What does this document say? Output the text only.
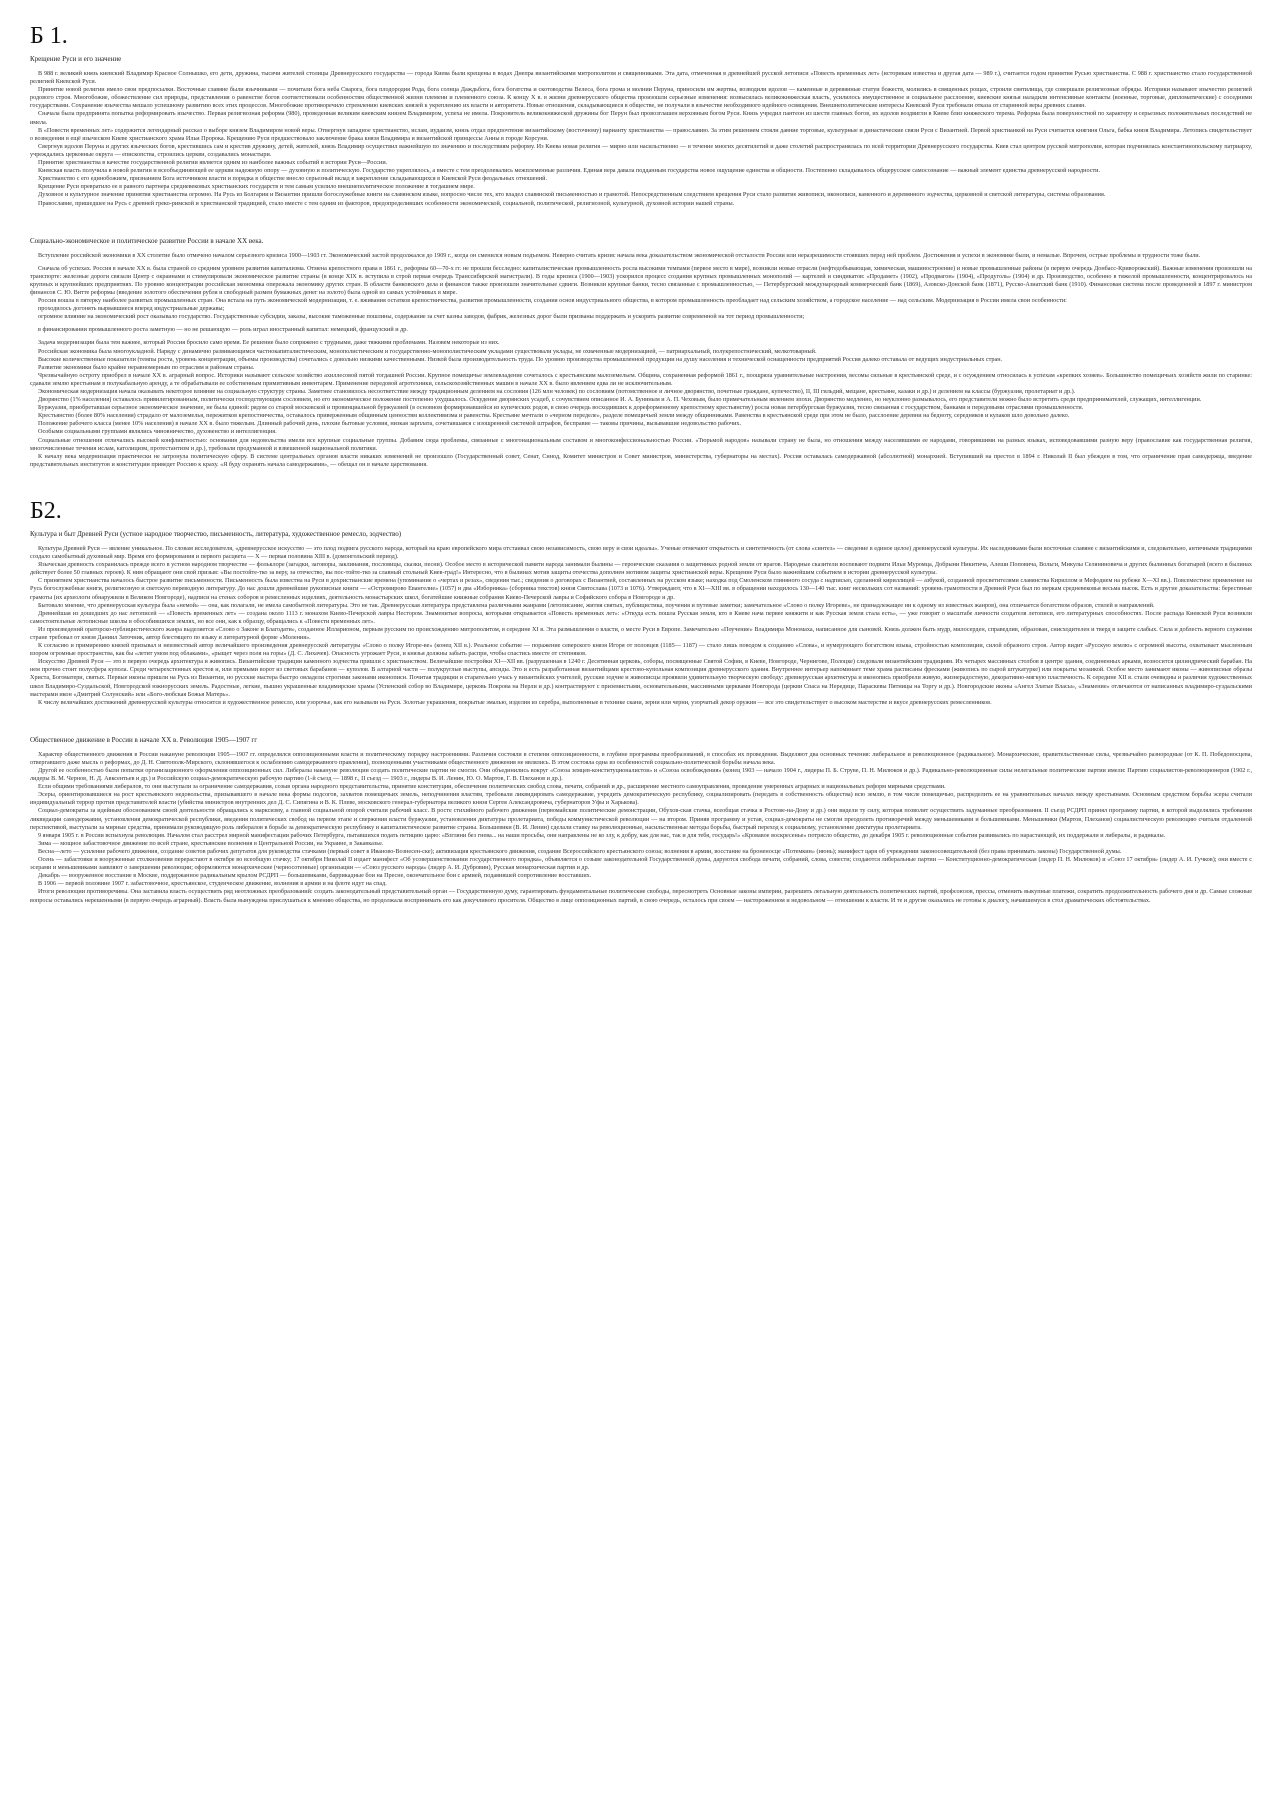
Б 1.
Крещение Руси и его значение

В 988 г. великий князь киевский Владимир Красное Солнышко, его дети, дружина, тысячи жителей столицы Древнерусского государства — города Киева были крещены в водах Днепра византийскими митрополитом и священниками. Эта дата, отмеченная в древнейшей русской летописи «Повесть временных лет» (историкам известна и другая дата — 989 г.), считается годом принятия Русью христианства. С 988 г. христианство стало государственной религией Киевской Руси.

Принятие новой религии имело свои предпосылки. Восточные славяне были язычниками — почитали бога неба Сварога, бога плодородия Рода, бога солнца Даждьбога, бога богатства и скотоводства Велеса, бога грома и молнии Перуна, приносили им жертвы, возводили идолов — каменные и деревянные статуи божеств, молились в священных рощах, строили святилища, где совершали религиозные обряды. Историки называют язычество религией родового строя. Многобожие, обожествление сил природы, представления о равенстве богов соответствовали особенностям общественной жизни племени и племенного союза. К концу X в. в жизни древнерусского общества произошли серьезные изменения: возвысилась великокняжеская власть, усилилось имущественное и социальное расслоение, киевские князья наладили интенсивные контакты (военные, торговые, дипломатические) с соседними государствами. Сохранение язычества мешало успешному развитию всех этих процессов. Многобожие противоречило стремлению киевских князей к укреплению их власти и авторитета. Новые отношения, складывающиеся в обществе, не получали в язычестве необходимого идейного освящения. Внешнеполитические интересы Киевской Руси требовали отказа от старинной веры древних славян.

Сначала была предпринята попытка реформировать язычество. Первая религиозная реформа (980), проведенная великим киевским князем Владимиром, успеха не имела. Покровитель великокняжеской дружины бог Перун был провозглашен верховным богом Руси. Князь учредил пантеон из шести главных богов, их идолов воздвигли в Киеве близ княжеского терема. Реформа была поверхностной по характеру и серьезных положительных последствий не имела.

В «Повести временных лет» содержится легендарный рассказ о выборе князем Владимиром новой веры. Отвергнув западное христианство, ислам, иудаизм, князь отдал предпочтение византийскому (восточному) варианту христианства — православию. За этим решением стояли давние торговые, культурные и династические связи Руси с Византией. Первой христианкой на Руси считается княгиня Ольга, бабка князя Владимира. Летопись свидетельствует о возведении в ещё языческом Киеве христианского храма Ильи Пророка. Крещению Руси предшествовало заключение брака князя Владимира и византийской принцессы Анны в городе Корсуни.

Свергнув идолов Перуна и других языческих богов, крестившись сам и крестив дружину, детей, жителей, князь Владимир осуществил важнейшую по значению и последствиям реформу. Из Киева новая религия — мирно или насильственно — в течение многих десятилетий и даже столетий распространялась по всей территории Древнерусского государства. Киев стал центром русской митрополии, которая подчинялась константинопольскому патриарху, учреждались церковные округа — епископства, строились церкви, создавались монастыри.

Принятие христианства в качестве государственной религии является одним из наиболее важных событий в истории Руси—России.

Киевская власть получила в новой религии и всеобъединяющей ее церкви надежную опору — духовную и политическую. Государство укреплялось, а вместе с тем преодолевались межплеменные различия. Единая вера давала подданным государства новое ощущение единства и общности. Постепенно складывалось общерусское самосознание — важный элемент единства древнерусской народности.

Христианство с его единобожием, признанием Бога источником власти и порядка в обществе внесло серьезный вклад в закрепление складывающихся в Киевской Руси феодальных отношений.

Крещение Руси превратило ее в равного партнера средневековых христианских государств и тем самым усилило внешнеполитическое положение в тогдашнем мире.

Духовное и культурное значение принятия христианства огромно. На Русь из Болгарии и Византии пришли богослужебные книги на славянском языке, вопросно числе тех, кто владел славянской письменностью и грамотой. Непосредственным следствием крещения Руси стало развитие живописи, иконописи, каменного и деревянного зодчества, церковной и светской литературы, системы образования.

Православие, пришедшее на Русь с древней греко-римской и христианской традицией, стало вместе с тем одним из факторов, предопределивших особенности экономической, социальной, политической, религиозной, культурной, духовной истории нашей страны.

Социально-экономическое и политическое развитие России в начале XX века.

Вступление российской экономики в XX столетие было отмечено началом серьезного кризиса 1900—1903 гг. Экономический застой продолжался до 1909 г., когда он сменился новым подъемом. Неверно считать кризис начала века доказательством экономической отсталости России или неразрешимости стоявших перед ней проблем. Достижения и успехи в экономике были, и немалые. Впрочем, острые проблемы и трудности тоже были.

Сначала об успехах. Россия в начале XX в. была страной со средним уровнем развития капитализма. Отмена крепостного права в 1861 г., реформы 60—70-х гг. не прошли бесследно: капиталистическая промышленность росла высокими темпами (первое место в мире), возникли новые отрасли (нефтедобывающая, химическая, машиностроение) и новые промышленные районы (в первую очередь Донбасс-Криворожский). Важные изменения произошли на транспорте: железные дороги связали Центр с окраинами и стимулировали экономическое развитие страны (в конце XIX в. вступила в строй первая очередь Транссибирской магистрали). В годы кризиса (1900—1903) ускорился процесс создания крупных промышленных монополий — картелей и синдикатов: «Продамет» (1902), «Продвагон» (1904), «Продуголь» (1904) и др. Производство, особенно в тяжелой промышленности, концентрировалось на крупных и крупнейших предприятиях. По уровню концентрации российская экономика опережала экономику других стран. В области банковского дела и финансов также произошли значительные сдвиги. Возникли крупные банки, тесно связанные с промышленностью, — Петербургский международный коммерческий банк (1869), Азовско-Донской банк (1871), Русско-Азиатский банк (1910). Финансовая система после проведенной в 1897 г. министром финансов С. Ю. Витте реформы (введение золотого обеспечения рубля и свободный размен бумажных денег на золото) была одной из самых устойчивых в мире.

Россия вошла в пятерку наиболее развитых промышленных стран. Она встала на путь экономической модернизации, т. е. вживания остатков крепостничества, развития промышленности, создания основ индустриального общества, в котором промышленность преобладает над сельским хозяйством, а городское население — над сельским. Модернизация в России имела свои особенности:

проходилось догонять вырвавшиеся вперед индустриальные державы;

огромное влияние на экономический рост оказывало государство. Государственные субсидии, заказы, высокие таможенные пошлины, содержание за счет казны заводов, фабрик, железных дорог были призваны поддержать и ускорить развитие современной на тот период промышленности;

в финансировании промышленного роста заметную — но не решающую — роль играл иностранный капитал: немецкий, французский и др.

Задача модернизации была тем важнее, который Россия бросило само время. Ее решение было сопряжено с трудными, даже тяжкими проблемами. Назовем некоторые из них.

Российская экономика была многоукладной. Наряду с динамично развивающимся частнокапиталистическим, монополистическим и государственно-монополистическим укладами существовали уклады, не охваченные модернизацией, — патриархальный, полукрепостнический, мелкотоварный.

Высокие количественные показатели (темпы роста, уровень концентрации, объемы производства) сочетались с довольно низкими качественными. Низкой была производительность труда. По уровню производства промышленной продукции на душу населения и технической оснащенности предприятий Россия далеко отставала от ведущих индустриальных стран.

Развитие экономики было крайне неравномерным по отраслям и районам страны.

Чрезвычайную остроту приобрел в начале XX в. аграрный вопрос. Историки называют сельское хозяйство ахиллесовой пятой тогдашней России. Крупное помещичье землевладение сочеталось с крестьянским малоземельем. Община, сохраненная реформой 1861 г., поощряла уравнительные настроения, весомы сильные в крестьянской среде, и с осуждением относилась к успехам «крепких хозяев». Большинство помещичьих хозяйств жили по старинке: сдавали землю крестьянам в полукабальную аренду, а те обрабатывали ее собственным примитивным инвентарем. Применение передовой агротехники, сельскохозяйственных машин в начале XX в. было явлением едва ли не исключительным.

Экономическая модернизация начала оказывать некоторое влияние на социальную структуру страны. Заметнее становилось несоответствие между традиционным делением на сословия (126 млн человек) по сословиям (потомственное и личное дворянство, почетные граждане, купечество), II, III гильдий, мещане, крестьяне, казаки и др.) и делением на классы (буржуазия, пролетариат и др.).

Дворянство (1% населения) оставалось привилегированным, политически господствующим сословием, но его экономическое положение постепенно ухудшалось. Оскудение дворянских усадеб, с сочувствием описанное И. А. Буниным и А. П. Чеховым, было примечательным явлением эпохи. Дворянство медленно, но неуклонно размывалось, его представители можно было встретить среди предпринимателей, служащих, интеллигенции.

Буржуазия, приобретавшая серьезное экономическое значение, не была единой: рядом со старой московской и провинциальной буржуазией (в основном формировавшейся из купеческих родов, в свою очередь восходивших к дореформенному крепостному крестьянству) росла новая петербургская буржуазия, тесно связанная с государством, банками и передовыми отраслями промышленности.

Крестьянство (более 80% населения) страдало от малоземелья, пережитков крепостничества, оставалось приверженным общинным ценностям коллективизма и равенства. Крестьяне мечтали о «черном переделе», разделе помещичьей земли между общинниками. Равенства в крестьянской среде при этом не было, расслоение деревни на бедноту, середняков и кулаков шло довольно далеко.

Положение рабочего класса (менее 10% населения) в начале XX в. было тяжелым. Длинный рабочий день, плохие бытовые условия, низкая зарплата, сочетавшаяся с изощренной системой штрафов, бесправие — таковы причины, вызывавшие недовольство рабочих.

Особыми социальными группами являлись чиновничество, духовенство и интеллигенция.

Социальные отношения отличались высокой конфликтностью: основания для недовольства имели все крупные социальные группы. Добавим сюда проблемы, связанные с многонациональным составом и многоконфессиональностью России. «Тюрьмой народов» называли страну не была, но отношения между населявшими ее народами, говорившими на разных языках, исповедовавшими разную веру (православие как государственная религия, многочисленные течения ислам, католицизм, протестантизм и др.), требовали продуманной и взвешенной национальной политики.

К началу века модернизация практически не затронула политическую сферу. В системе центральных органов власти никаких изменений не произошло (Государственный совет, Сенат, Синод, Комитет министров и Совет министров, министерства, губернаторы на местах). Россия оставалась самодержавной (абсолютной) монархией. Вступивший на престол в 1894 г. Николай II был убежден в том, что ограничение прав самодержца, введение представительных институтов и конституции приведет Россию к краху. «Я буду охранять начала самодержавия», — обещал он в начале царствования.

Б2.
Культура и быт Древней Руси (устное народное творчество, письменность, литература, художественное ремесло, зодчество)

Культура Древней Руси — явление уникальное. По словам исследователя, «древнерусское искусство — это плод подвига русского народа, который на краю европейского мира отстаивал свою независимость, свою веру и свои идеалы». Ученые отмечают открытость и синтетичность (от слова «синтез» — сведение в единое целое) древнерусской культуры. Их наследниками были восточные славяне с византийскими и, следовательно, античными традициями создало самобытный духовный мир. Время его формирования и первого расцвета — X — первая половина XIII в. (домонгольский период).

Языческая древность сохранилась прежде всего в устном народном творчестве — фольклоре (загадки, заговоры, заклинания, пословицы, сказки, песни). Особое место в исторической памяти народа занимали былины — героические сказания о защитниках родной земли от врагов. Народные сказители воспевают подвиги Ильи Муромца, Добрыни Никитича, Алеши Поповича, Вольги, Микулы Селяниновича и других былинных богатырей (всего в былинах действует более 50 главных героев). К ним обращают они свой призыв: «Вы постойте-тко за веру, за отечество, вы пос-тойте-тко за славный стольный Киев-град!» Интересно, что в былинах мотив защиты отечества дополнен мотивом защиты христианской веры. Крещение Руси было важнейшим событием в истории древнерусской культуры.

С принятием христианства началось быстрое развитие письменности. Письменность была известна на Руси в дохристианские времена (упоминание о «чертах и резах», сведения тыс.; сведения о договорах с Византией, составленных на русском языке; находка под Смоленском глиняного сосуда с надписью, сделанной кириллицей — азбукой, созданной просветителями славянства Кириллом и Мефодием на рубеже X—XI вв.). Повсеместное применение на Русь богослужебные книги, религиозную и светскую переводную литературу. До нас дошли древнейшие рукописные книги — «Остромирово Евангелие» (1057) и два «Изборника» (сборника текстов) князя Святослава (1073 и 1076). Утверждают, что в XI—XIII вв. в обращении находилось 130—140 тыс. книг нескольких сот названий: уровень грамотности в Древней Руси был по меркам средневековья весьма высок. Есть и другие доказательства: берестяные грамоты (их археологи обнаружили в Великом Новгороде), надписи на стенах соборов и ремесленных изделиях, деятельность монастырских школ, богатейшие книжные собрания Киево-Печерской лавры и Софийского собора в Новгороде и др.

Бытовало мнение, что древнерусская культура была «немой» — она, как полагали, не имела самобытной литературы. Это не так. Древнерусская литература представлена различными жанрами (летописание, жития святых, публицистика, поучения и путевые заметки; замечательное «Слово о полку Игореве», не принадлежащее ни к одному из известных жанров), она отличается богатством образов, стилей и направлений.

Древнейшая из дошедших до нас летописей — «Повесть временных лет» — создана около 1113 г. монахом Киево-Печерской лавры Нестором. Знаменитые вопросы, которыми открывается «Повесть временных лет»: «Откуда есть пошла Русская земля, кто в Киеве нача первее княжити и как Русская земля стала есть», — уже говорят о масштабе личности создателя летописи, его литературных способностях. После распада Киевской Руси возникли самостоятельные летописные школы в обособившихся землях, но все они, как к образцу, обращались к «Повести временных лет».

Из произведений ораторско-публицистического жанра выделяется «Слово о Законе и Благодати», созданное Илларионом, первым русским по происхождению митрополитом, в середине XI в. Эта размышления о власти, о месте Руси в Европе. Замечательно «Поучение» Владимира Мономаха, написанное для сыновей. Князь должен быть мудр, милосерден, справедлив, образован, снисходителен и тверд в защите слабых. Сила и доблесть верного служения стране требовал от князя Даниил Заточник, автор блестящего по языку и литературной форме «Моления».

К согласию и примирению князей призывал и неизвестный автор величайшего произведения древнерусской литературы «Слово о полку Игоре-ве» (конец XII в.). Реальное событие — поражение северского князя Игоря от половцев (1185— 1187) — стало лишь поводом к созданию «Слова», и нумерующего богатством языка, стройностью композиции, силой образного строя. Автор видит «Русскую землю» с огромной высоты, охватывает мысленным взором огромные пространства, как бы «летит умом под облаками», «рыщет через поля на горы» (Д. С. Лихачев). Опасность угрожает Руси, и князья должны забыть распри, чтобы спастись вместе от степняков.

Искусство Древней Руси — это в первую очередь архитектура и живопись. Византийские традиции каменного зодчества пришли с христианством. Величайшие постройки XI—XII вв. (разрушенная в 1240 г. Десятинная церковь, соборы, посвященные Святой Софии, в Киеве, Новгороде, Чернигове, Полоцке) следовали византийским традициям. Их четырех массивных столбов в центре здания, соединенных арками, возносится цилиндрический барабан. На нем прочно стоит полусфера купола. Среди четырехстенных крестов и, или прямыми ворот из световых барабанов — куполов. В алтарной части — полукруглые выступы, апсиды. Это и есть разработанная византийцами крестово-купольная композиция древнерусского здания. Внутреннее интерьер напоминает теме храма расписаны фресками (живопись по сырой штукатурке) или покрыты мозаикой. Особое место занимают иконы — живописные образы Христа, Богоматери, святых. Первые иконы пришли на Русь из Византии, но русские мастера быстро овладели строгими законами иконописи. Почитая традиции и старательно учась у византийских учителей, русские зодчие и живописцы проявили удивительную творческую свободу: древнерусская архитектура и иконопись приобрели живую, жизнерадостную, декоративно-мягкую пластичность. К середине XII в. стали очевидны и различия художественных школ Владимиро-Суздальской, Новгородской южнорусских земель. Радостные, легкие, пышно украшенные владимирские храмы (Успенский собор во Владимире, церковь Покрова на Нерли и др.) контрастируют с приземистыми, основательными, массивными церквами Новгорода (церкви Спаса на Нередице, Параскевы Пятницы на Торгу и др.). Новгородские иконы «Ангел Златые Власы», «Знамение» отличаются от написанных владимиро-суздальскими мастерами икон «Дмитрий Солунский» или «Бого-любская Божья Матерь».

К числу величайших достижений древнерусской культуры относится и художественное ремесло, или узорочье, как его называли на Руси. Золотые украшения, покрытые эмалью, изделия из серебра, выполненные в технике скани, зерни или черни, узорчатый декор оружия — все это свидетельствует о высоком мастерстве и вкусе древнерусских ремесленников.

Общественное движение в России в начале XX в. Революция 1905—1907 гг

Характер общественного движения в России накануне революции 1905—1907 гг. определялся оппозиционными власти и политическому порядку настроениями. Различия состояли в степени оппозиционности, в глубине программы преобразований, в способах их проведения. Выделяют два основных течения: либеральное и революционное (радикальное). Монархические, правительственные силы, чрезвычайно разнородные (от К. П. Победоносцева, отвергавшего даже мысль о реформах, до Д. Н. Святополк-Мирского, склонявшегося к ослаблению самодержавного правления), полноценными участниками общественного движения не являлись. В этом состояла одна из особенностей социально-политической борьбы начала века.

Другой ее особенностью были попытки организационного оформления оппозиционных сил. Либералы накануне революции создать политические партии не смогли. Они объединились вокруг «Союза земцев-конституционалистов» и «Союза освобождения» (конец 1903 — начало 1904 г., лидеры П. Б. Струве, П. Н. Милюков и др.). Радикально-революционные силы нелегальные политические партии имели: Партию социалистов-революционеров (1902 г., лидеры В. М. Чернов, Н. Д. Авксентьев и др.) и Российскую социал-демократическую рабочую партию (1-й съезд — 1898 г., II съезд — 1903 г., лидеры В. И. Ленин, Ю. О. Мартов, Г. В. Плеханов и др.).

Если общими требованиями либералов, то они выступали за ограничение самодержавия, созыв органа народного представительства, принятие конституции, обеспечение политических свобод слова, печати, собраний и др., расширение местного самоуправления, проведение умеренных аграрных и национальных реформ мирными средствами.

Эсеры, ориентировавшиеся на рост крестьянского недовольства, призывавшего в начале века формы подсогов, захватов помещичьих земель, неподчинения властям, требовали ликвидировать самодержавие, учредить демократическую республику, социализировать (передать в собственность общества) всю землю, в том числе помещичью, распределить ее на уравнительных началах между крестьянами. Основным средством борьбы эсеры считали индивидуальный террор против представителей власти (убийства министров внутренних дел Д. С. Сипягина и В. К. Плеве, московского генерал-губернатора великого князя Сергея Александровича, губернаторов Уфы и Харькова).

Социал-демократы за идейным обоснованием своей деятельности обращались к марксизму, а главной социальной опорой считали рабочий класс. В росте стихийного рабочего движения (первомайские политические демонстрации, Обухов-ская стачка, всеобщая стачка в Ростове-на-Дону и др.) они видели ту силу, которая позволит осуществить задуманные преобразования. II съезд РСДРП принял программу партии, в которой выделялись требования ликвидации самодержавия, установления демократической республики, введения политических свобод на первом этапе и свержения власти буржуазии, установления диктатуры пролетариата, победы коммунистической революции — на втором. Приняв программу и устав, социал-демократы не смогли преодолеть противоречий между меньшевиками и большевиками. Меньшевики (Мартов, Плеханов) социалистическую революцию считали отдаленной перспективой, выступали за мирные средства, принимали руководящую роль либералов в борьбе за демократическую республику и капиталистическое развитие страны. Большевики (В. И. Ленин) сделали ставку на революционные, насильственные методы борьбы, быстрый переход к социализму, установление диктатуры пролетариата.

9 января 1905 г. в России вспыхнула революция. Началом стал расстрел мирной манифестации рабочих Петербурга, пытавшихся подать петицию царю: «Взгляни без гнева... на наши просьбы, они направлены не ко злу, к добру, как для нас, так и для тебя, государь!» «Кровавое воскресенье» потрясло общество, до декабря 1905 г. революционные события развивались по нарастающей, их поддержали и либералы, и радикалы.

Зима — мощное забастовочное движение по всей стране, крестьянские волнения в Центральной России, на Украине, в Закавказье.

Весна—лето — усиление рабочего движения, создание советов рабочих депутатов для руководства стачками (первый совет в Иваново-Вознесен-ске); активизация крестьянского движения, создание Всероссийского крестьянского союза; волнения в армии, восстание на броненосце «Потемкин» (июнь); манифест царя об учреждении законосовещательной (без права принимать законы) Государственной думы.

Осень — забастовки и вооруженные столкновения перерастают в октябре во всеобщую стачку; 17 октября Николай II издает манифест «Об усовершенствовании государственного порядка», объявляется о созыве законодательной Государственной думы, даруются свобода печати, собраний, слова, совести; создаются либеральные партии — Конституционно-демократическая (лидер П. Н. Милюков) и «Союз 17 октября» (лидер А. И. Гучков); они вместе с эсерами и меньшевиками заявляют о завершении революции; оформляются монархические (черносотенные) организации — «Союз русского народа» (лидер А. И. Дубровин), Русская монархическая партия и др.

Декабрь — вооруженное восстание в Москве, поддержанное радикальным крылом РСДРП — большевиками, баррикадные бои на Пресне, окончательное бои с армией, подавившей сопротивление восставших.

В 1906 — первой половине 1907 г. забастовочное, крестьянское, студенческое движение, волнения в армии и на флоте идут на спад.

Итоги революции противоречивы. Она заставила власть осуществить ряд неотложных преобразований: создать законодательный представительный орган — Государственную думу, гарантировать фундаментальные политические свободы, пересмотреть Основные законы империи, разрешить легальную деятельность политических партий, профсоюзов, прессы, отменить выкупные платежи, сократить продолжительность рабочего дня и др. Самые сложные вопросы оставались нерешенными (в первую очередь аграрный). Власть была вынуждена прислушаться к мнению общества, но продолжала воспринимать его как докучливого просителя. Общество в лице оппозиционных партий, в свою очередь, осталось при своем — настороженном и недовольном — отношении к власти. И те и другие оказались не готовы к диалогу, начавшемуся в стол драматических обстоятельствах.
